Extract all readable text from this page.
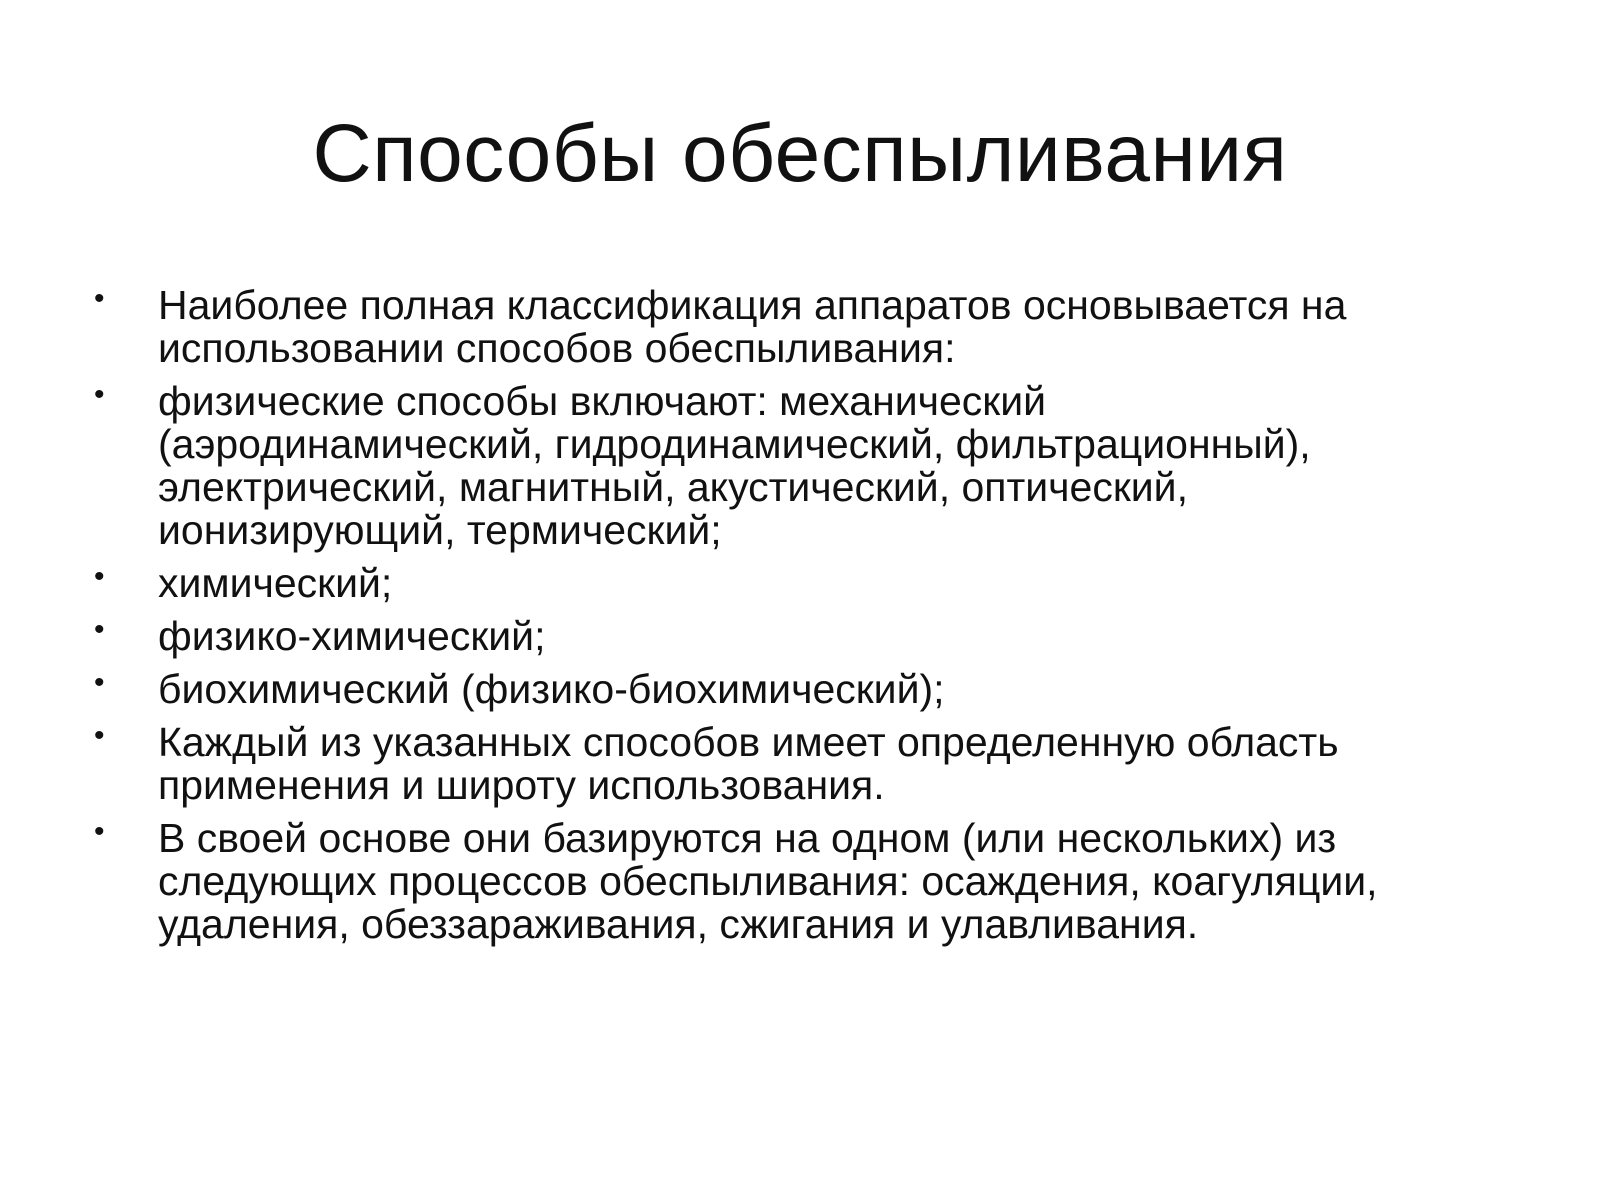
Способы обеспыливания
• Наиболее полная классификация аппаратов основывается на
использовании способов обеспыливания:
• физические способы включают: механический
(аэродинамический, гидродинамический, фильтрационный),
электрический, магнитный, акустический, оптический,
ионизирующий, термический;
• химический;
• физико-химический;
• биохимический (физико-биохимический);
• Каждый из указанных способов имеет определенную область
применения и широту использования.
• В своей основе они базируются на одном (или нескольких) из
следующих процессов обеспыливания: осаждения, коагуляции,
удаления, обеззараживания, сжигания и улавливания.
